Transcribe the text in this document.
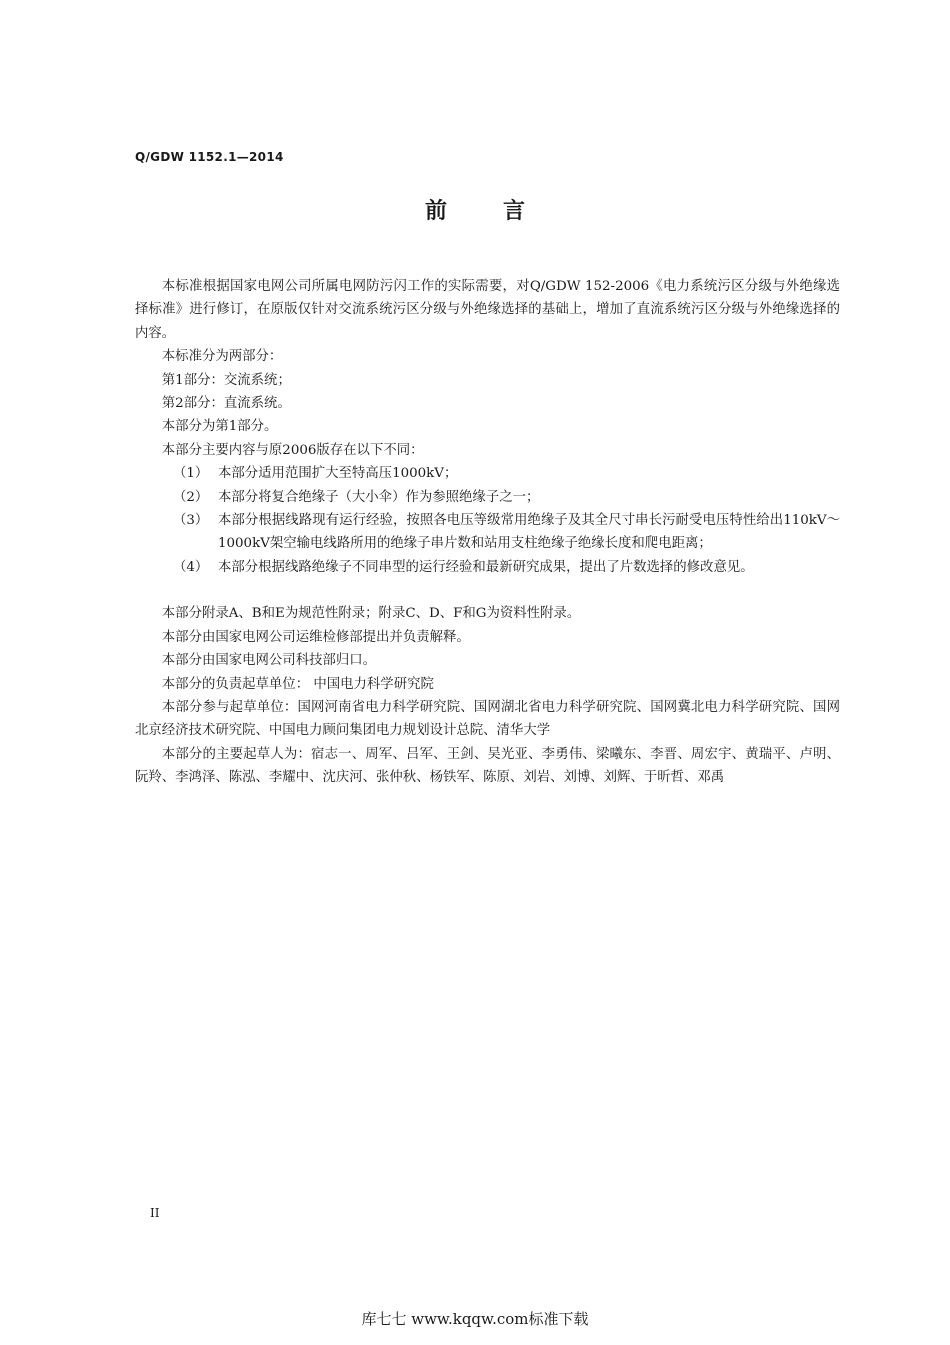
Q/GDW 1152.1—2014
前言

本标准根据国家电网公司所属电网防污闪工作的实际需要，对Q/GDW 152-2006《电力系统污区分级与外绝缘选择标准》进行修订，在原版仅针对交流系统污区分级与外绝缘选择的基础上，增加了直流系统污区分级与外绝缘选择的内容。

本标准分为两部分：

第1部分：交流系统；

第2部分：直流系统。

本部分为第1部分。

本部分主要内容与原2006版存在以下不同：

（1） 本部分适用范围扩大至特高压1000kV；
（2） 本部分将复合绝缘子（大小伞）作为参照绝缘子之一；
（3） 本部分根据线路现有运行经验，按照各电压等级常用绝缘子及其全尺寸串长污耐受电压特性给出110kV～1000kV架空输电线路所用的绝缘子串片数和站用支柱绝缘子绝缘长度和爬电距离；
（4） 本部分根据线路绝缘子不同串型的运行经验和最新研究成果，提出了片数选择的修改意见。

本部分附录A、B和E为规范性附录；附录C、D、F和G为资料性附录。

本部分由国家电网公司运维检修部提出并负责解释。

本部分由国家电网公司科技部归口。

本部分的负责起草单位： 中国电力科学研究院

本部分参与起草单位：国网河南省电力科学研究院、国网湖北省电力科学研究院、国网冀北电力科学研究院、国网北京经济技术研究院、中国电力顾问集团电力规划设计总院、清华大学

本部分的主要起草人为：宿志一、周军、吕军、王剑、吴光亚、李勇伟、梁曦东、李晋、周宏宇、黄瑞平、卢明、阮羚、李鸿泽、陈泓、李耀中、沈庆河、张仲秋、杨铁军、陈原、刘岩、刘博、刘辉、于昕哲、邓禹

II
库七七 www.kqqw.com标准下载
